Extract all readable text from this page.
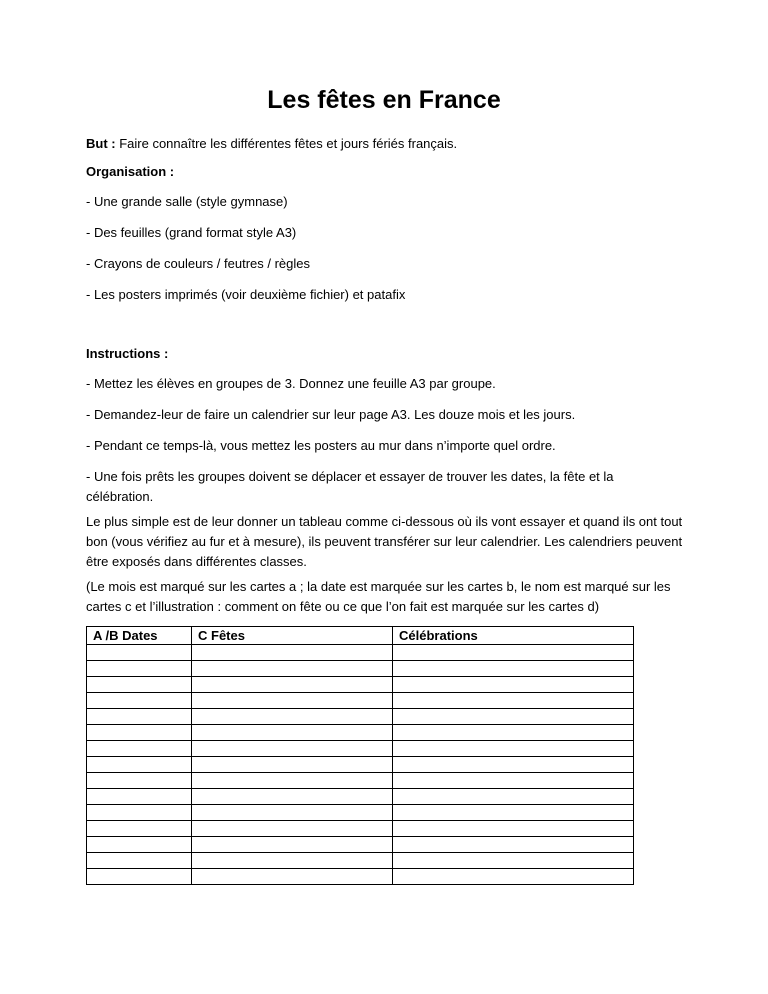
Les fêtes en France

But : Faire connaître les différentes fêtes et jours fériés français.

Organisation :

- Une grande salle (style gymnase)

- Des feuilles (grand format style A3)

- Crayons de couleurs / feutres / règles

- Les posters imprimés (voir deuxième fichier) et patafix

Instructions :

- Mettez les élèves en groupes de 3. Donnez une feuille A3 par groupe.

- Demandez-leur de faire un calendrier sur leur page A3. Les douze mois et les jours.

- Pendant ce temps-là, vous mettez les posters au mur dans n’importe quel ordre.

- Une fois prêts les groupes doivent se déplacer et essayer de trouver les dates, la fête et la célébration.

Le plus simple est de leur donner un tableau comme ci-dessous où ils vont essayer et quand ils ont tout bon (vous vérifiez au fur et à mesure), ils peuvent transférer sur leur calendrier. Les calendriers peuvent être exposés dans différentes classes.

(Le mois est marqué sur les cartes a ; la date est marquée sur les cartes b, le nom est marqué sur les cartes c et l’illustration : comment on fête ou ce que l’on fait est marquée sur les cartes d)

A /B Dates	C Fêtes	Célébrations
